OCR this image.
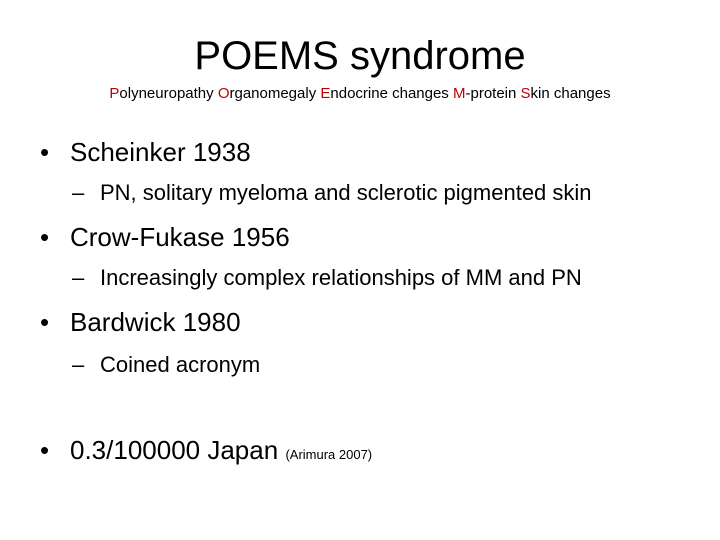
POEMS syndrome
Polyneuropathy Organomegaly Endocrine changes M-protein Skin changes
• Scheinker 1938
– PN, solitary myeloma and sclerotic pigmented skin
• Crow-Fukase 1956
– Increasingly complex relationships of MM and PN
• Bardwick 1980
– Coined acronym
• 0.3/100000 Japan (Arimura 2007)
